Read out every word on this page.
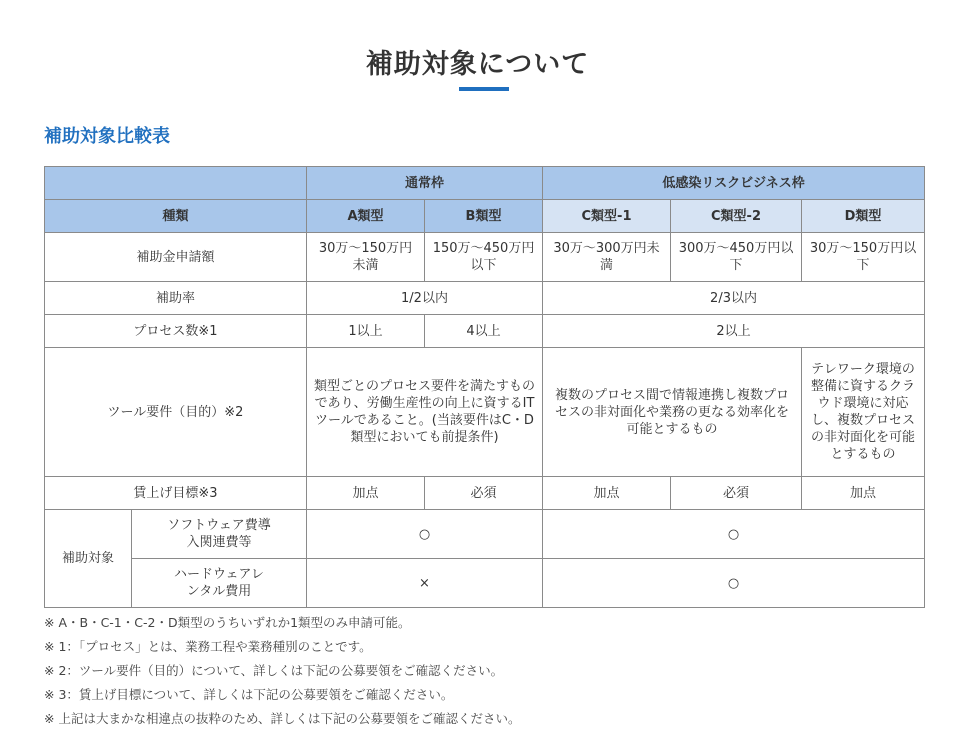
補助対象について
補助対象比較表
		通常枠		低感染リスクビジネス枠		
種類		A類型	B類型	C類型-1	C類型-2	D類型
補助金申請額		30万～150万円未満	150万～450万円以下	30万～300万円未満	300万～450万円以下	30万～150万円以下
補助率		1/2以内		2/3以内		
プロセス数※1		1以上	4以上	2以上		
ツール要件（目的）※2		類型ごとのプロセス要件を満たすものであり、労働生産性の向上に資するITツールであること。(当該要件はC・D類型においても前提条件)		複数のプロセス間で情報連携し複数プロセスの非対面化や業務の更なる効率化を可能とするもの		テレワーク環境の整備に資するクラウド環境に対応し、複数プロセスの非対面化を可能とするもの
賃上げ目標※3		加点	必須	加点	必須	加点
補助対象	ソフトウェア費導入関連費等	○		○		
	ハードウェアレンタル費用	×		○		
※ A・B・C-1・C-2・D類型のうちいずれか1類型のみ申請可能。
※ 1：「プロセス」とは、業務工程や業務種別のことです。
※ 2：ツール要件（目的）について、詳しくは下記の公募要領をご確認ください。
※ 3：賃上げ目標について、詳しくは下記の公募要領をご確認ください。
※ 上記は大まかな相違点の抜粋のため、詳しくは下記の公募要領をご確認ください。
